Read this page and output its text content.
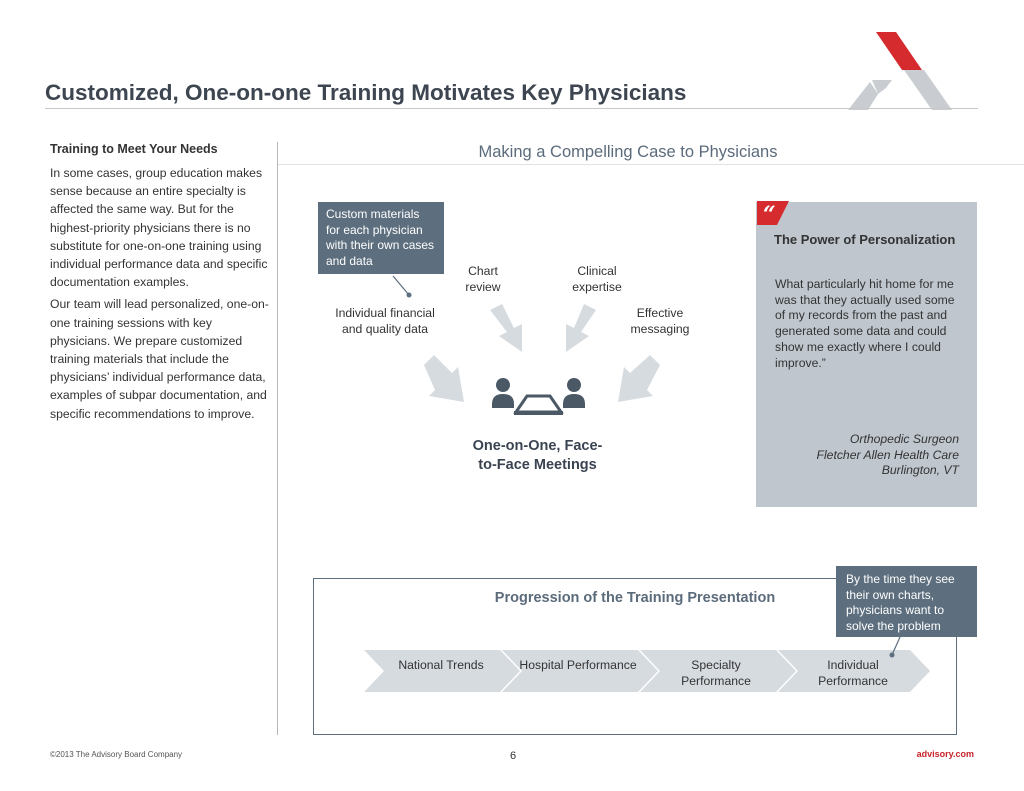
Customized, One-on-one Training Motivates Key Physicians
Training to Meet Your Needs

In some cases, group education makes sense because an entire specialty is affected the same way. But for the highest-priority physicians there is no substitute for one-on-one training using individual performance data and specific documentation examples.

Our team will lead personalized, one-on-one training sessions with key physicians. We prepare customized training materials that include the physicians’ individual performance data, examples of subpar documentation, and specific recommendations to improve.

Making a Compelling Case to Physicians
Custom materials for each physician with their own cases and data
Individual financial and quality data
Chart review
Clinical expertise
Effective messaging
One-on-One, Face-to-Face Meetings
“
The Power of Personalization
What particularly hit home for me was that they actually used some of my records from the past and generated some data and could show me exactly where I could improve.”
Orthopedic Surgeon
Fletcher Allen Health Care
Burlington, VT
Progression of the Training Presentation
National Trends	Hospital Performance	Specialty Performance
Individual Performance
By the time they see their own charts, physicians want to solve the problem
©2013 The Advisory Board Company	6	advisory.com
